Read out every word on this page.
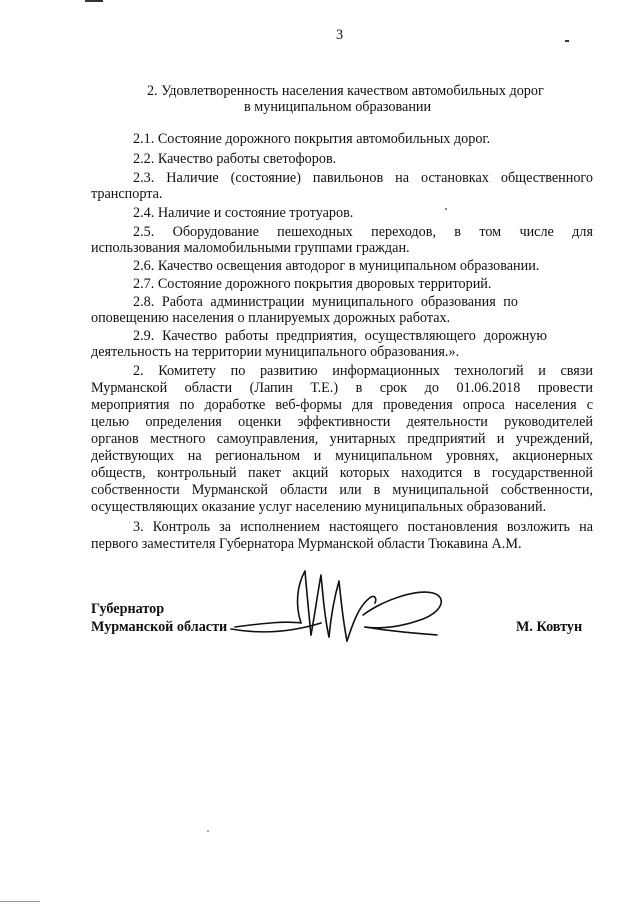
3
2. Удовлетворенность населения качеством автомобильных дорог
в муниципальном образовании
2.1. Состояние дорожного покрытия автомобильных дорог.
2.2. Качество работы светофоров.
2.3. Наличие (состояние) павильонов на остановках общественного
транспорта.
2.4. Наличие и состояние тротуаров.
2.5. Оборудование пешеходных переходов, в том числе для
использования маломобильными группами граждан.
2.6. Качество освещения автодорог в муниципальном образовании.
2.7. Состояние дорожного покрытия дворовых территорий.
2.8. Работа администрации муниципального образования по
оповещению населения о планируемых дорожных работах.
2.9. Качество работы предприятия, осуществляющего дорожную
деятельность на территории муниципального образования.».
2. Комитету по развитию информационных технологий и связи
Мурманской области (Лапин Т.Е.) в срок до 01.06.2018 провести
мероприятия по доработке веб-формы для проведения опроса населения с
целью определения оценки эффективности деятельности руководителей
органов местного самоуправления, унитарных предприятий и учреждений,
действующих на региональном и муниципальном уровнях, акционерных
обществ, контрольный пакет акций которых находится в государственной
собственности Мурманской области или в муниципальной собственности,
осуществляющих оказание услуг населению муниципальных образований.
3. Контроль за исполнением настоящего постановления возложить на
первого заместителя Губернатора Мурманской области Тюкавина А.М.
Губернатор
Мурманской области	М. Ковтун
